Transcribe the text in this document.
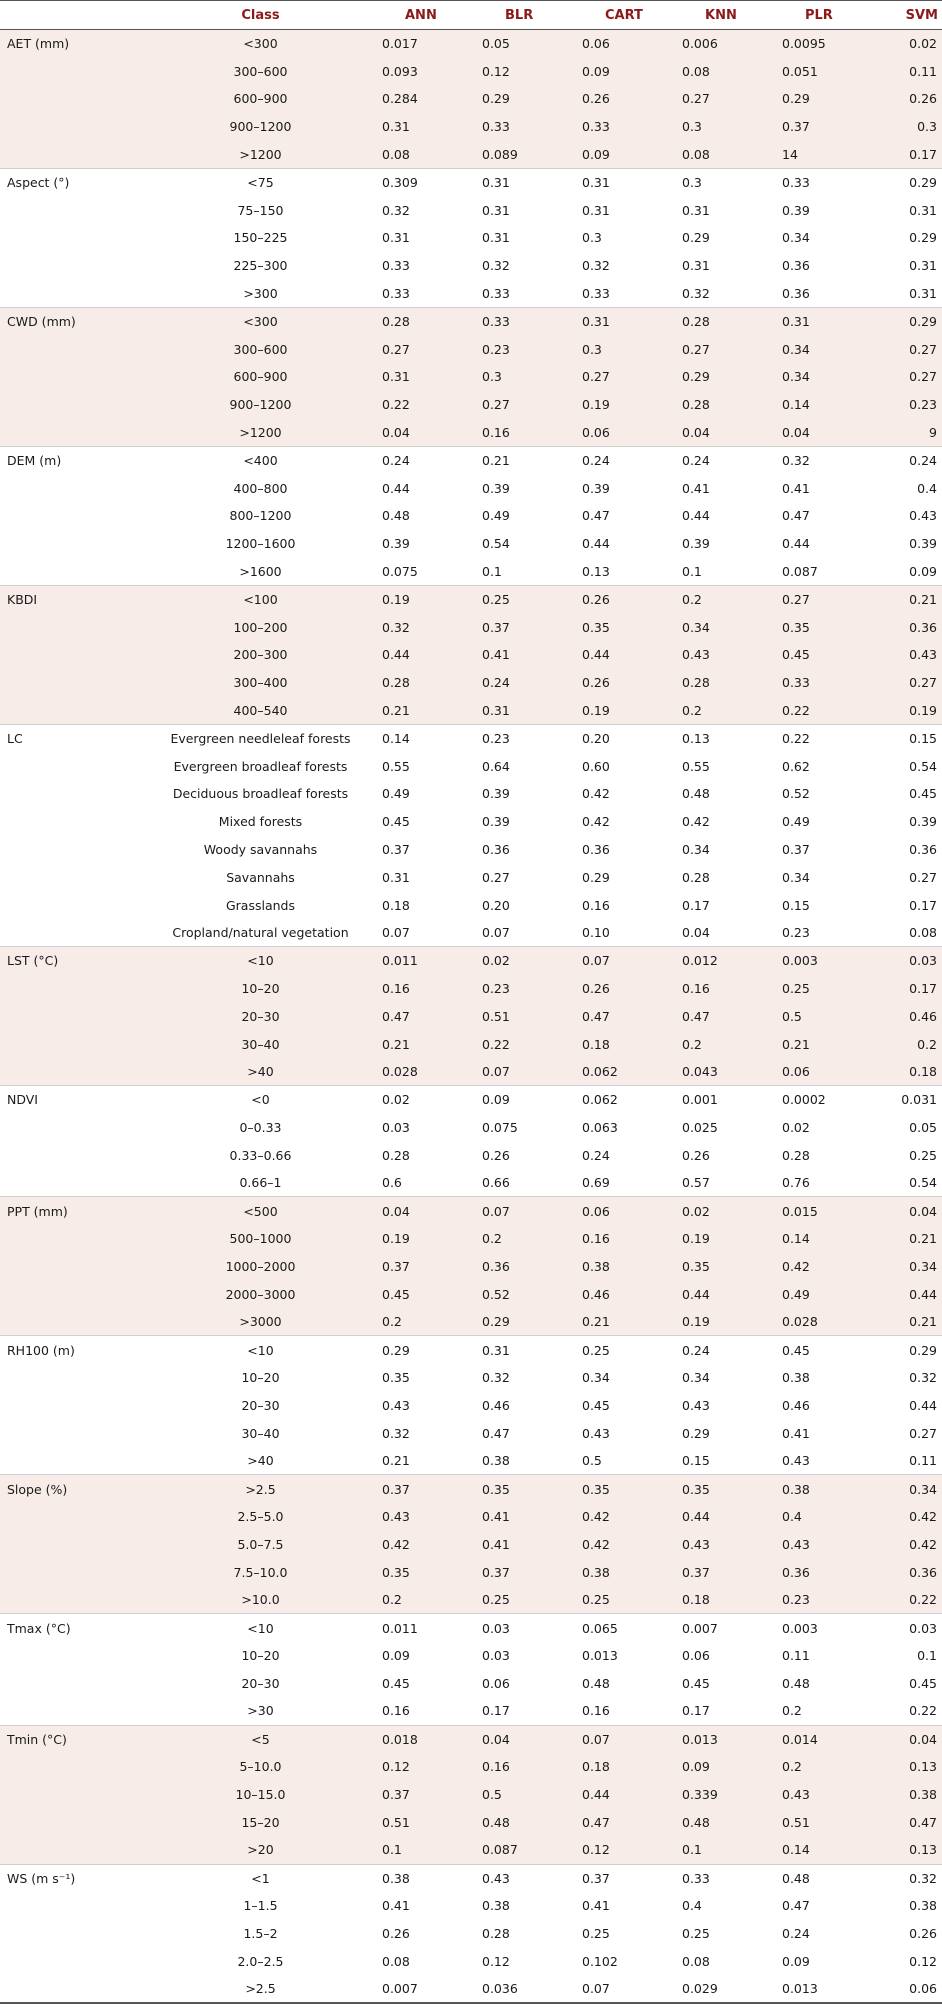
	Class	ANN	BLR	CART	KNN	PLR	SVM
AET (mm)	<300	0.017	0.05	0.06	0.006	0.0095	0.02
	300–600	0.093	0.12	0.09	0.08	0.051	0.11
	600–900	0.284	0.29	0.26	0.27	0.29	0.26
	900–1200	0.31	0.33	0.33	0.3	0.37	0.3
	>1200	0.08	0.089	0.09	0.08	14	0.17
Aspect (°)	<75	0.309	0.31	0.31	0.3	0.33	0.29
	75–150	0.32	0.31	0.31	0.31	0.39	0.31
	150–225	0.31	0.31	0.3	0.29	0.34	0.29
	225–300	0.33	0.32	0.32	0.31	0.36	0.31
	>300	0.33	0.33	0.33	0.32	0.36	0.31
CWD (mm)	<300	0.28	0.33	0.31	0.28	0.31	0.29
	300–600	0.27	0.23	0.3	0.27	0.34	0.27
	600–900	0.31	0.3	0.27	0.29	0.34	0.27
	900–1200	0.22	0.27	0.19	0.28	0.14	0.23
	>1200	0.04	0.16	0.06	0.04	0.04	9
DEM (m)	<400	0.24	0.21	0.24	0.24	0.32	0.24
	400–800	0.44	0.39	0.39	0.41	0.41	0.4
	800–1200	0.48	0.49	0.47	0.44	0.47	0.43
	1200–1600	0.39	0.54	0.44	0.39	0.44	0.39
	>1600	0.075	0.1	0.13	0.1	0.087	0.09
KBDI	<100	0.19	0.25	0.26	0.2	0.27	0.21
	100–200	0.32	0.37	0.35	0.34	0.35	0.36
	200–300	0.44	0.41	0.44	0.43	0.45	0.43
	300–400	0.28	0.24	0.26	0.28	0.33	0.27
	400–540	0.21	0.31	0.19	0.2	0.22	0.19
LC	Evergreen needleleaf forests	0.14	0.23	0.20	0.13	0.22	0.15
	Evergreen broadleaf forests	0.55	0.64	0.60	0.55	0.62	0.54
	Deciduous broadleaf forests	0.49	0.39	0.42	0.48	0.52	0.45
	Mixed forests	0.45	0.39	0.42	0.42	0.49	0.39
	Woody savannahs	0.37	0.36	0.36	0.34	0.37	0.36
	Savannahs	0.31	0.27	0.29	0.28	0.34	0.27
	Grasslands	0.18	0.20	0.16	0.17	0.15	0.17
	Cropland/natural vegetation	0.07	0.07	0.10	0.04	0.23	0.08
LST (°C)	<10	0.011	0.02	0.07	0.012	0.003	0.03
	10–20	0.16	0.23	0.26	0.16	0.25	0.17
	20–30	0.47	0.51	0.47	0.47	0.5	0.46
	30–40	0.21	0.22	0.18	0.2	0.21	0.2
	>40	0.028	0.07	0.062	0.043	0.06	0.18
NDVI	<0	0.02	0.09	0.062	0.001	0.0002	0.031
	0–0.33	0.03	0.075	0.063	0.025	0.02	0.05
	0.33–0.66	0.28	0.26	0.24	0.26	0.28	0.25
	0.66–1	0.6	0.66	0.69	0.57	0.76	0.54
PPT (mm)	<500	0.04	0.07	0.06	0.02	0.015	0.04
	500–1000	0.19	0.2	0.16	0.19	0.14	0.21
	1000–2000	0.37	0.36	0.38	0.35	0.42	0.34
	2000–3000	0.45	0.52	0.46	0.44	0.49	0.44
	>3000	0.2	0.29	0.21	0.19	0.028	0.21
RH100 (m)	<10	0.29	0.31	0.25	0.24	0.45	0.29
	10–20	0.35	0.32	0.34	0.34	0.38	0.32
	20–30	0.43	0.46	0.45	0.43	0.46	0.44
	30–40	0.32	0.47	0.43	0.29	0.41	0.27
	>40	0.21	0.38	0.5	0.15	0.43	0.11
Slope (%)	>2.5	0.37	0.35	0.35	0.35	0.38	0.34
	2.5–5.0	0.43	0.41	0.42	0.44	0.4	0.42
	5.0–7.5	0.42	0.41	0.42	0.43	0.43	0.42
	7.5–10.0	0.35	0.37	0.38	0.37	0.36	0.36
	>10.0	0.2	0.25	0.25	0.18	0.23	0.22
Tmax (°C)	<10	0.011	0.03	0.065	0.007	0.003	0.03
	10–20	0.09	0.03	0.013	0.06	0.11	0.1
	20–30	0.45	0.06	0.48	0.45	0.48	0.45
	>30	0.16	0.17	0.16	0.17	0.2	0.22
Tmin (°C)	<5	0.018	0.04	0.07	0.013	0.014	0.04
	5–10.0	0.12	0.16	0.18	0.09	0.2	0.13
	10–15.0	0.37	0.5	0.44	0.339	0.43	0.38
	15–20	0.51	0.48	0.47	0.48	0.51	0.47
	>20	0.1	0.087	0.12	0.1	0.14	0.13
WS (m s⁻¹)	<1	0.38	0.43	0.37	0.33	0.48	0.32
	1–1.5	0.41	0.38	0.41	0.4	0.47	0.38
	1.5–2	0.26	0.28	0.25	0.25	0.24	0.26
	2.0–2.5	0.08	0.12	0.102	0.08	0.09	0.12
	>2.5	0.007	0.036	0.07	0.029	0.013	0.06
